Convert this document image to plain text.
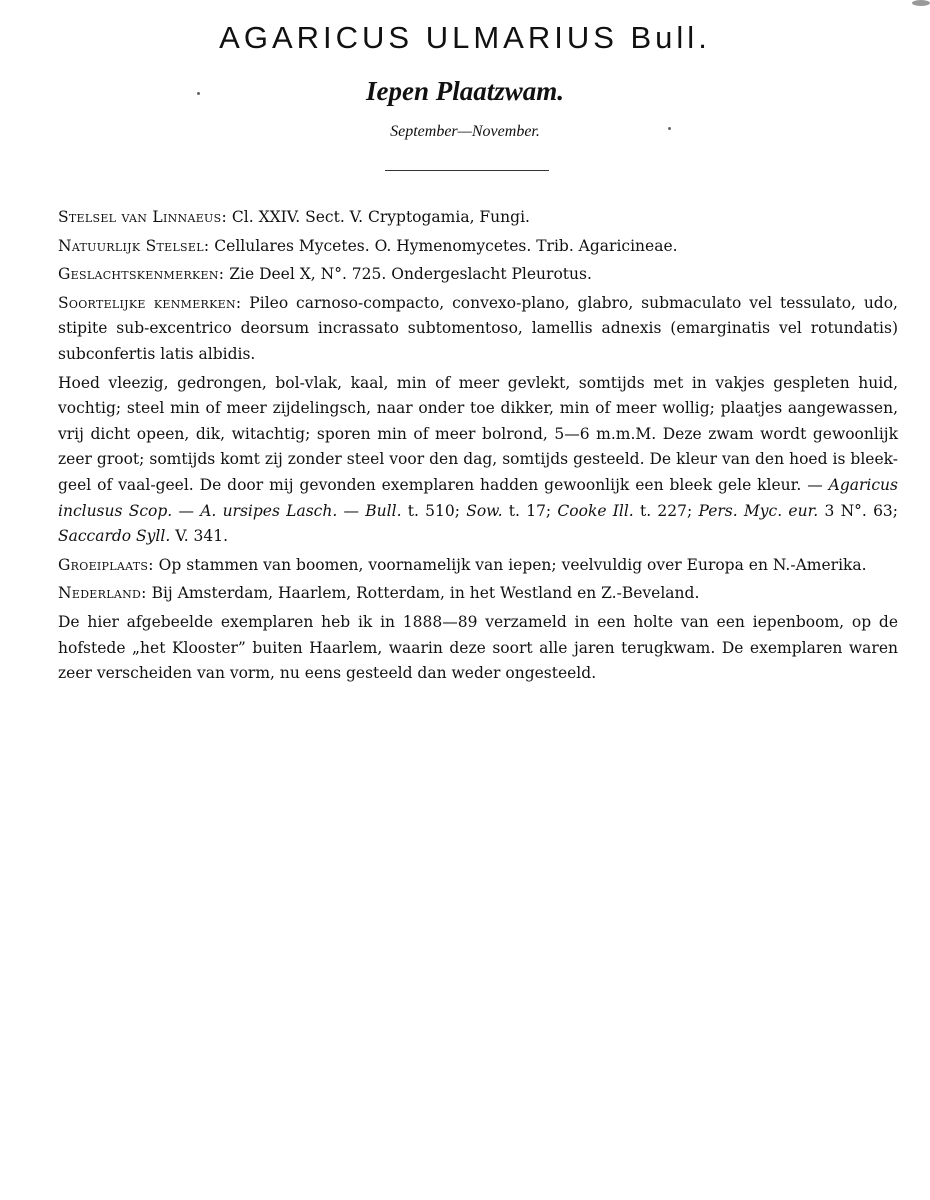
AGARICUS ULMARIUS Bull.
Iepen Plaatzwam.
September—November.

Stelsel van Linnaeus: Cl. XXIV. Sect. V. Cryptogamia, Fungi.

Natuurlijk Stelsel: Cellulares Mycetes. O. Hymenomycetes. Trib. Agaricineae.

Geslachtskenmerken: Zie Deel X, N°. 725. Ondergeslacht Pleurotus.

Soortelijke kenmerken: Pileo carnoso-compacto, convexo-plano, glabro, submaculato vel tessulato, udo, stipite sub-excentrico deorsum incrassato subtomentoso, lamellis adnexis (emarginatis vel rotundatis) subconfertis latis albidis.

Hoed vleezig, gedrongen, bol-vlak, kaal, min of meer gevlekt, somtijds met in vakjes gespleten huid, vochtig; steel min of meer zijdelingsch, naar onder toe dikker, min of meer wollig; plaatjes aangewassen, vrij dicht opeen, dik, witachtig; sporen min of meer bolrond, 5—6 m.m.M. Deze zwam wordt gewoonlijk zeer groot; somtijds komt zij zonder steel voor den dag, somtijds gesteeld. De kleur van den hoed is bleek-geel of vaal-geel. De door mij gevonden exemplaren hadden gewoonlijk een bleek gele kleur. — Agaricus inclusus Scop. — A. ursipes Lasch. — Bull. t. 510; Sow. t. 17; Cooke Ill. t. 227; Pers. Myc. eur. 3 N°. 63; Saccardo Syll. V. 341.

Groeiplaats: Op stammen van boomen, voornamelijk van iepen; veelvuldig over Europa en N.-Amerika.

Nederland: Bij Amsterdam, Haarlem, Rotterdam, in het Westland en Z.-Beveland.

De hier afgebeelde exemplaren heb ik in 1888—89 verzameld in een holte van een iepenboom, op de hofstede „het Klooster” buiten Haarlem, waarin deze soort alle jaren terugkwam. De exemplaren waren zeer verscheiden van vorm, nu eens gesteeld dan weder ongesteeld.
